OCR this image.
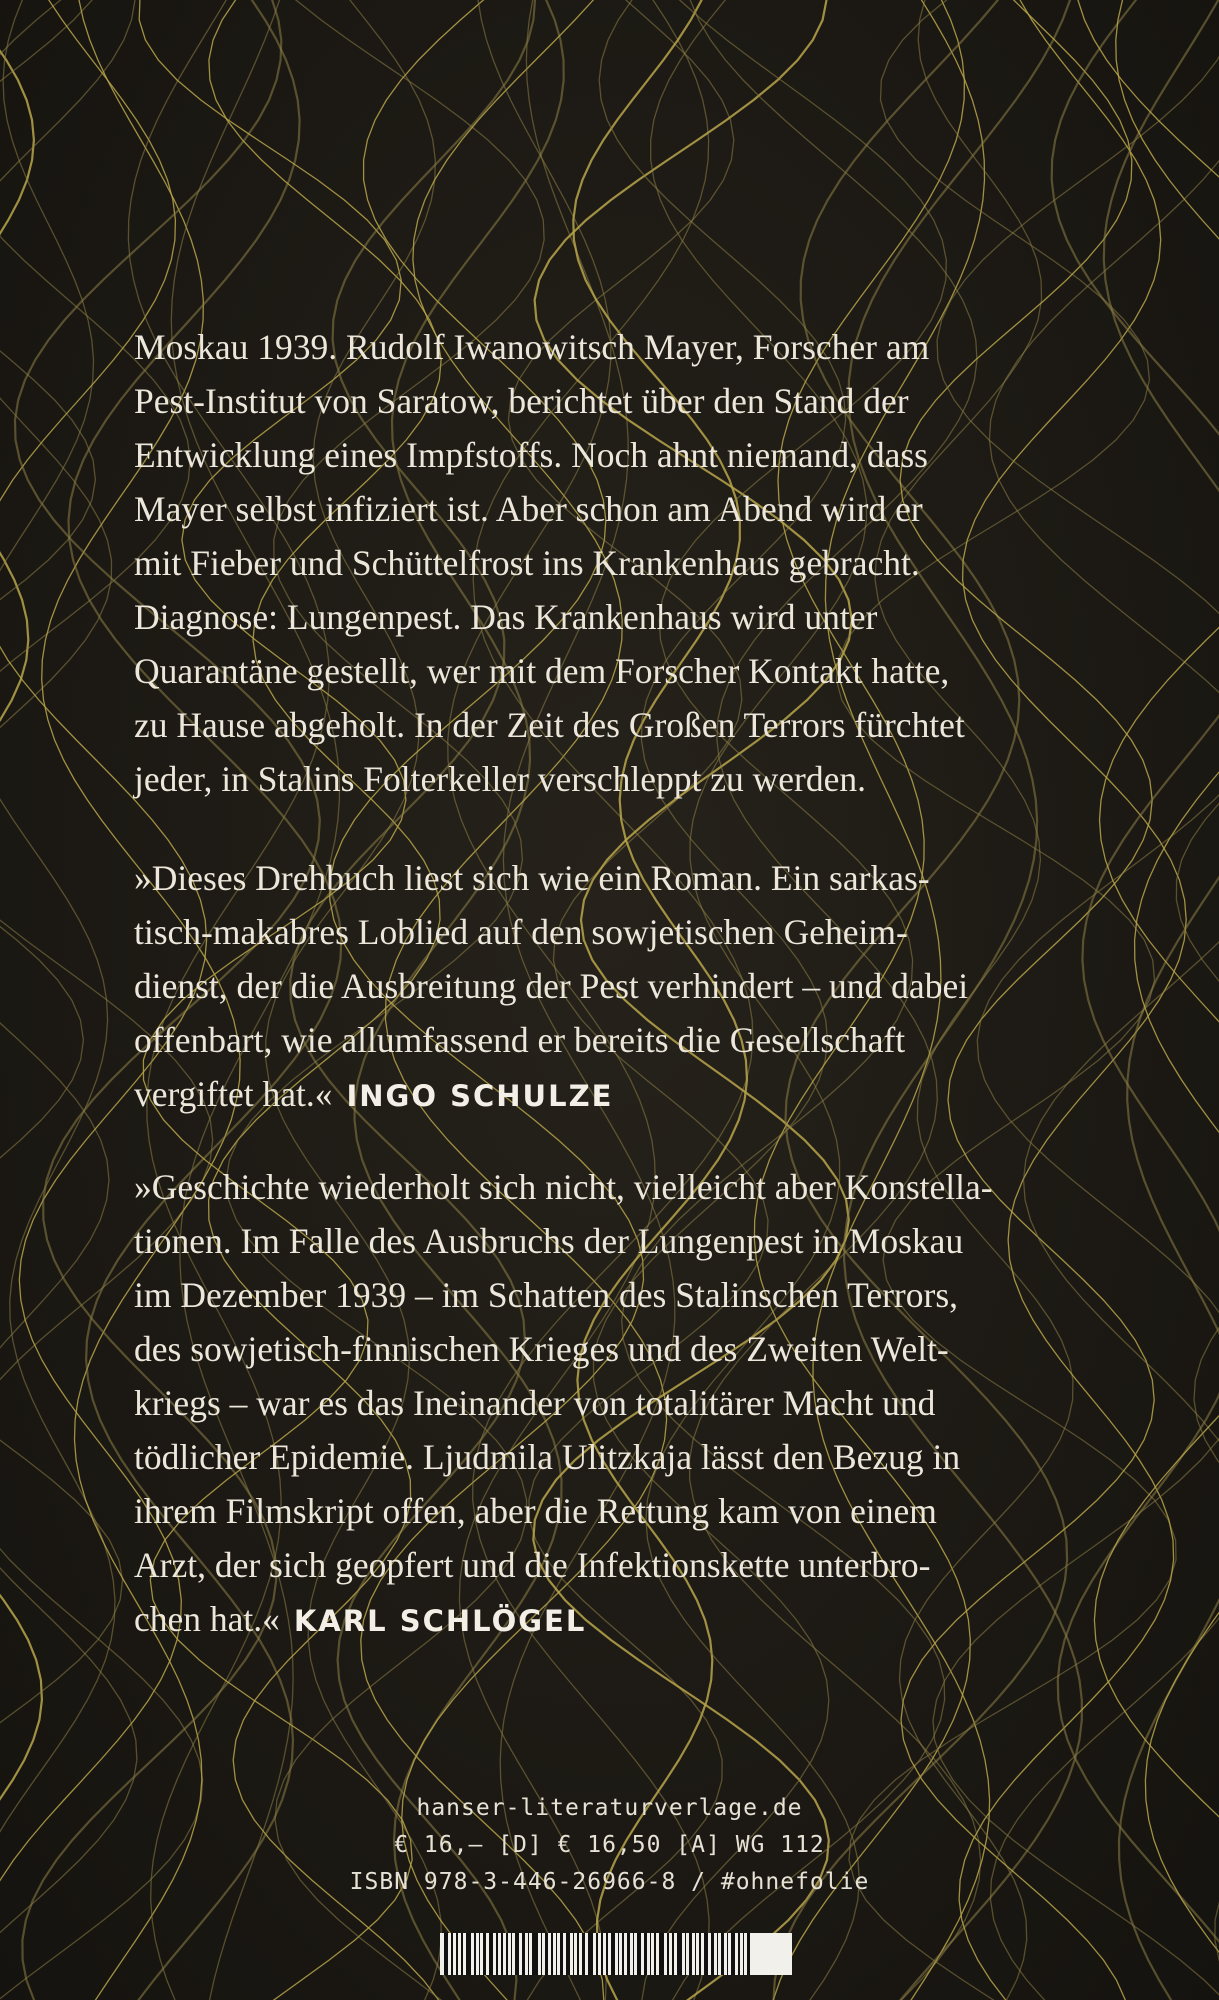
Moskau 1939. Rudolf Iwanowitsch Mayer, Forscher am
Pest-Institut von Saratow, berichtet über den Stand der
Entwicklung eines Impfstoffs. Noch ahnt niemand, dass
Mayer selbst infiziert ist. Aber schon am Abend wird er
mit Fieber und Schüttelfrost ins Krankenhaus gebracht.
Diagnose: Lungenpest. Das Krankenhaus wird unter
Quarantäne gestellt, wer mit dem Forscher Kontakt hatte,
zu Hause abgeholt. In der Zeit des Großen Terrors fürchtet
jeder, in Stalins Folterkeller verschleppt zu werden.
»Dieses Drehbuch liest sich wie ein Roman. Ein sarkas-
tisch-makabres Loblied auf den sowjetischen Geheim-
dienst, der die Ausbreitung der Pest verhindert – und dabei
offenbart, wie allumfassend er bereits die Gesellschaft
vergiftet hat.« INGO SCHULZE
»Geschichte wiederholt sich nicht, vielleicht aber Konstella-
tionen. Im Falle des Ausbruchs der Lungenpest in Moskau
im Dezember 1939 – im Schatten des Stalinschen Terrors,
des sowjetisch-finnischen Krieges und des Zweiten Welt-
kriegs – war es das Ineinander von totalitärer Macht und
tödlicher Epidemie. Ljudmila Ulitzkaja lässt den Bezug in
ihrem Filmskript offen, aber die Rettung kam von einem
Arzt, der sich geopfert und die Infektionskette unterbro-
chen hat.« KARL SCHLÖGEL
hanser-literaturverlage.de
€ 16,– [D] € 16,50 [A] WG 112
ISBN 978-3-446-26966-8 / #ohnefolie
